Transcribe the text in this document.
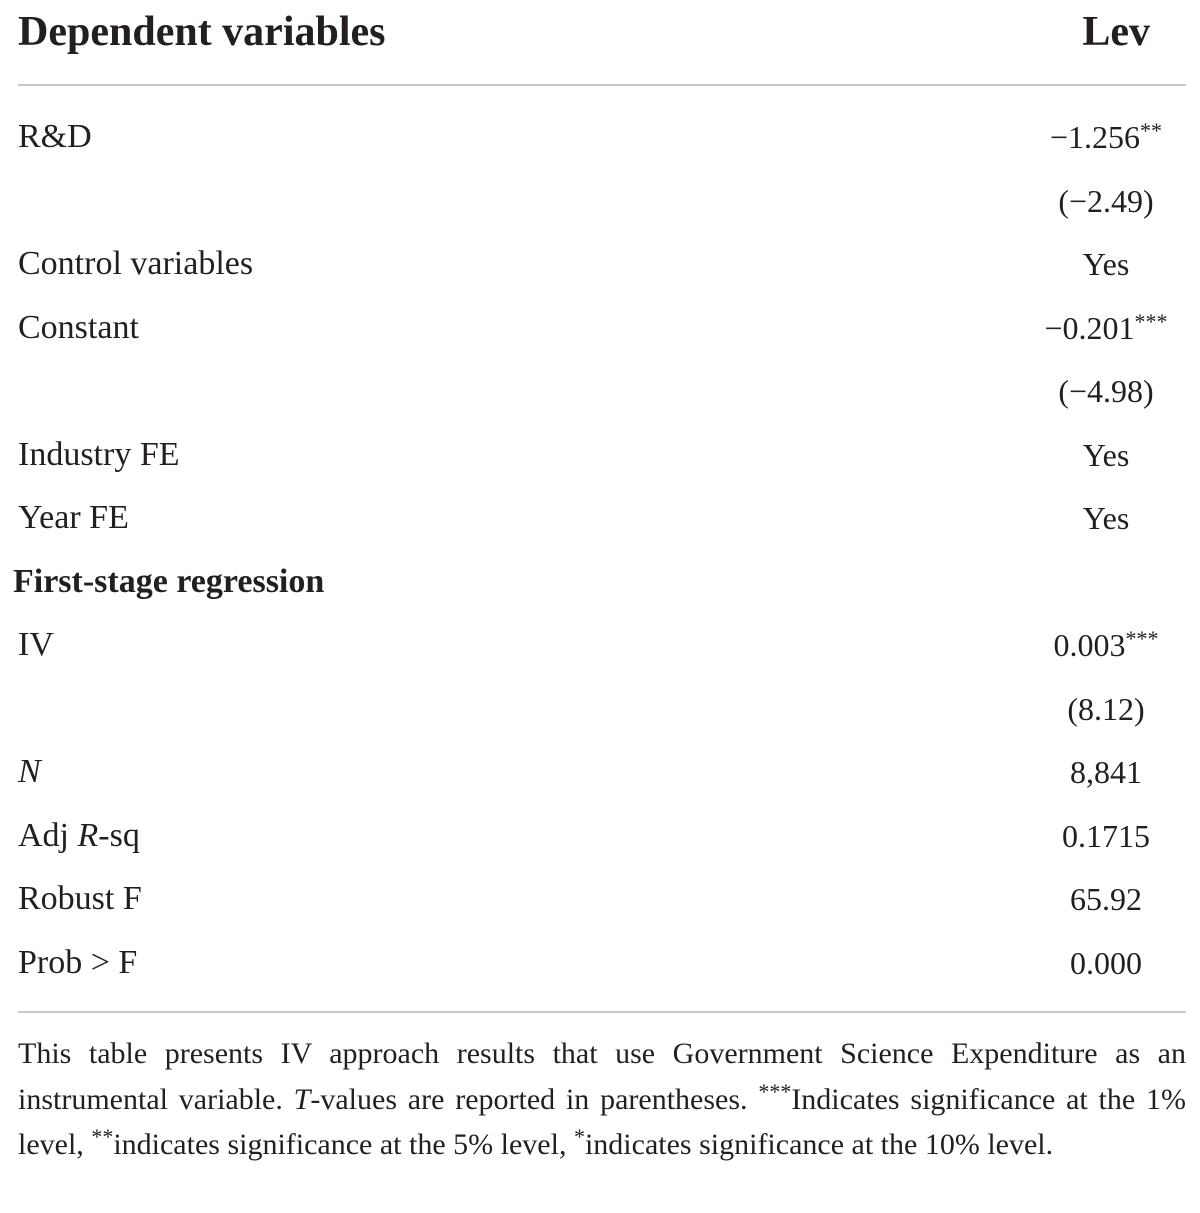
Dependent variables	Lev
R&D	−1.256**
(−2.49)
Control variables	Yes
Constant	−0.201***
(−4.98)
Industry FE	Yes
Year FE	Yes
First-stage regression
IV	0.003***
(8.12)
N	8,841
Adj R-sq	0.1715
Robust F	65.92
Prob > F	0.000
This table presents IV approach results that use Government Science Expenditure as an instrumental variable. T-values are reported in parentheses. ***Indicates significance at the 1% level, **indicates significance at the 5% level, *indicates significance at the 10% level.
